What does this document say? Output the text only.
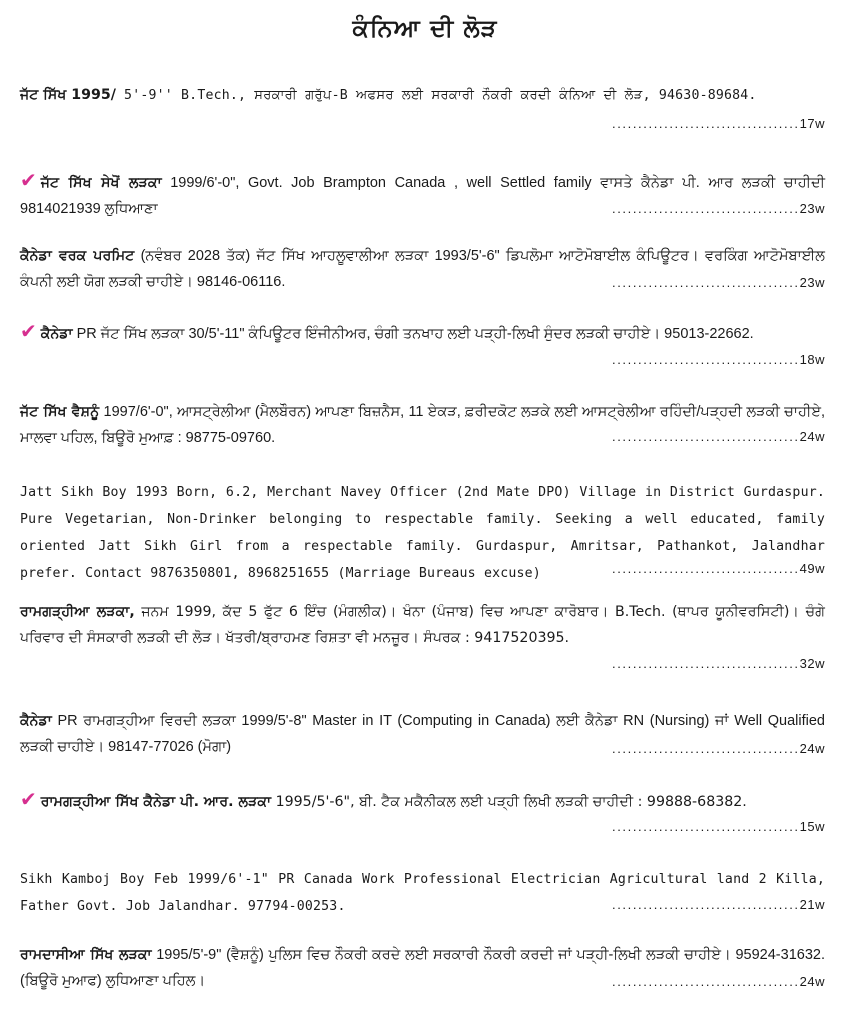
ਕੰਨਿਆ ਦੀ ਲੋੜ
ਜੱਟ ਸਿੱਖ 1995/ 5'-9'' B.Tech., ਸਰਕਾਰੀ ਗਰੁੱਪ-B ਅਫਸਰ ਲਈ ਸਰਕਾਰੀ ਨੌਕਰੀ ਕਰਦੀ ਕੰਨਿਆ ਦੀ ਲੋੜ, 94630-89684.
....................................17w
✔ ਜੱਟ ਸਿੱਖ ਸੇਖੋਂ ਲੜਕਾ 1999/6'-0", Govt. Job Brampton Canada , well Settled family ਵਾਸਤੇ ਕੈਨੇਡਾ ਪੀ. ਆਰ ਲੜਕੀ ਚਾਹੀਦੀ 9814021939 ਲੁਧਿਆਣਾ	....................................23w
ਕੈਨੇਡਾ ਵਰਕ ਪਰਮਿਟ (ਨਵੰਬਰ 2028 ਤੱਕ) ਜੱਟ ਸਿੱਖ ਆਹਲੂਵਾਲੀਆ ਲੜਕਾ 1993/5'-6" ਡਿਪਲੋਮਾ ਆਟੋਮੋਬਾਈਲ ਕੰਪਿਊਟਰ। ਵਰਕਿੰਗ ਆਟੋਮੋਬਾਈਲ ਕੰਪਨੀ ਲਈ ਯੋਗ ਲੜਕੀ ਚਾਹੀਏ। 98146-06116.	....................................23w
✔ ਕੈਨੇਡਾ PR ਜੱਟ ਸਿੱਖ ਲੜਕਾ 30/5'-11" ਕੰਪਿਊਟਰ ਇੰਜੀਨੀਅਰ, ਚੰਗੀ ਤਨਖਾਹ ਲਈ ਪੜ੍ਹੀ-ਲਿਖੀ ਸੁੰਦਰ ਲੜਕੀ ਚਾਹੀਏ। 95013-22662.
....................................18w
ਜੱਟ ਸਿੱਖ ਵੈਸ਼ਨੂੰ 1997/6'-0", ਆਸਟ੍ਰੇਲੀਆ (ਮੈਲਬੌਰਨ) ਆਪਣਾ ਬਿਜ਼ਨੈਸ, 11 ਏਕੜ, ਫ਼ਰੀਦਕੋਟ ਲੜਕੇ ਲਈ ਆਸਟ੍ਰੇਲੀਆ ਰਹਿੰਦੀ/ਪੜ੍ਹਦੀ ਲੜਕੀ ਚਾਹੀਏ, ਮਾਲਵਾ ਪਹਿਲ, ਬਿਊਰੋ ਮੁਆਫ਼ : 98775-09760.	....................................24w
Jatt Sikh Boy 1993 Born, 6.2, Merchant Navey Officer (2nd Mate DPO) Village in District Gurdaspur. Pure Vegetarian, Non-Drinker belonging to respectable family. Seeking a well educated, family oriented Jatt Sikh Girl from a respectable family. Gurdaspur, Amritsar, Pathankot, Jalandhar prefer. Contact 9876350801, 8968251655 (Marriage Bureaus excuse)	....................................49w
ਰਾਮਗੜ੍ਹੀਆ ਲੜਕਾ, ਜਨਮ 1999, ਕੱਦ 5 ਫੁੱਟ 6 ਇੰਚ (ਮੰਗਲੀਕ)। ਖੰਨਾ (ਪੰਜਾਬ) ਵਿਚ ਆਪਣਾ ਕਾਰੋਬਾਰ। B.Tech. (ਥਾਪਰ ਯੂਨੀਵਰਸਿਟੀ)। ਚੰਗੇ ਪਰਿਵਾਰ ਦੀ ਸੰਸਕਾਰੀ ਲੜਕੀ ਦੀ ਲੋੜ। ਖੱਤਰੀ/ਬ੍ਰਾਹਮਣ ਰਿਸ਼ਤਾ ਵੀ ਮਨਜ਼ੂਰ। ਸੰਪਰਕ : 9417520395.
....................................32w
ਕੈਨੇਡਾ PR ਰਾਮਗੜ੍ਹੀਆ ਵਿਰਦੀ ਲੜਕਾ 1999/5'-8" Master in IT (Computing in Canada) ਲਈ ਕੈਨੇਡਾ RN (Nursing) ਜਾਂ Well Qualified ਲੜਕੀ ਚਾਹੀਏ। 98147-77026 (ਮੋਗਾ)	....................................24w
✔ ਰਾਮਗੜ੍ਹੀਆ ਸਿੱਖ ਕੈਨੇਡਾ ਪੀ. ਆਰ. ਲੜਕਾ 1995/5'-6", ਬੀ. ਟੈਕ ਮਕੈਨੀਕਲ ਲਈ ਪੜ੍ਹੀ ਲਿਖੀ ਲੜਕੀ ਚਾਹੀਦੀ : 99888-68382.
....................................15w
Sikh Kamboj Boy Feb 1999/6'-1" PR Canada Work Professional Electrician Agricultural land 2 Killa, Father Govt. Job Jalandhar. 97794-00253.	....................................21w
ਰਾਮਦਾਸੀਆ ਸਿੱਖ ਲੜਕਾ 1995/5'-9" (ਵੈਸ਼ਨੂੰ) ਪੁਲਿਸ ਵਿਚ ਨੌਕਰੀ ਕਰਦੇ ਲਈ ਸਰਕਾਰੀ ਨੌਕਰੀ ਕਰਦੀ ਜਾਂ ਪੜ੍ਹੀ-ਲਿਖੀ ਲੜਕੀ ਚਾਹੀਏ। 95924-31632. (ਬਿਊਰੋ ਮੁਆਫ) ਲੁਧਿਆਣਾ ਪਹਿਲ।	....................................24w
